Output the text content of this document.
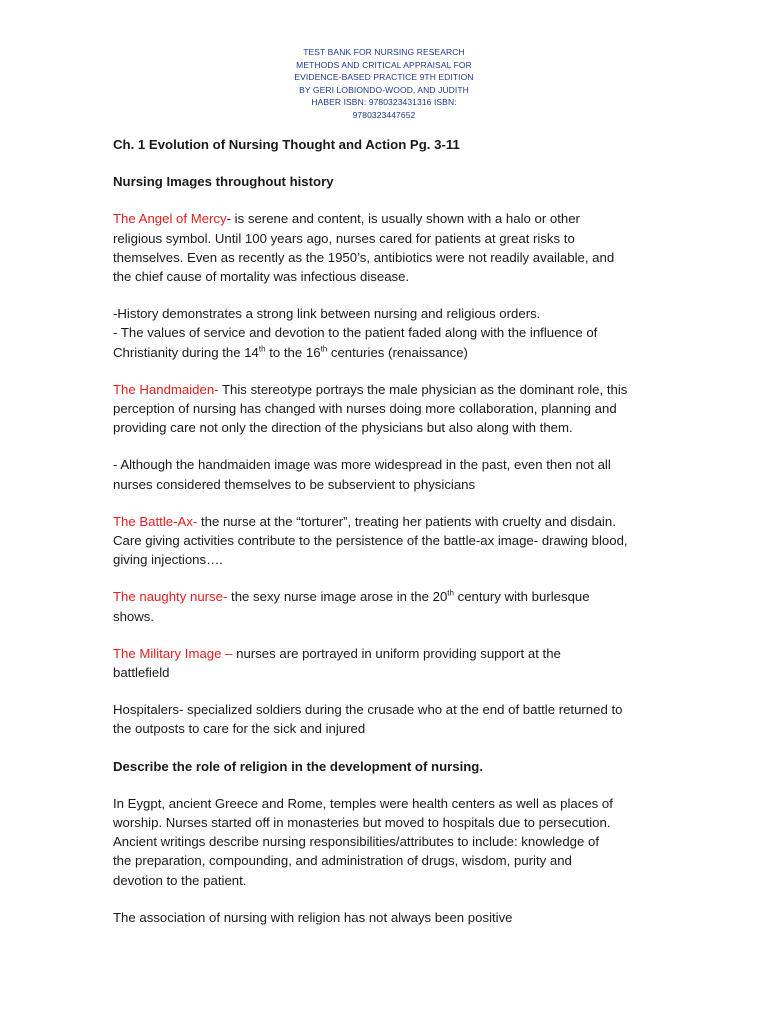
TEST BANK FOR NURSING RESEARCH
METHODS AND CRITICAL APPRAISAL FOR
EVIDENCE-BASED PRACTICE 9TH EDITION
BY GERI LOBIONDO-WOOD, AND JUDITH
HABER ISBN: 9780323431316 ISBN:
9780323447652

Ch. 1 Evolution of Nursing Thought and Action Pg. 3-11

Nursing Images throughout history

The Angel of Mercy- is serene and content, is usually shown with a halo or other

religious symbol. Until 100 years ago, nurses cared for patients at great risks to

themselves. Even as recently as the 1950’s, antibiotics were not readily available, and

the chief cause of mortality was infectious disease.

-History demonstrates a strong link between nursing and religious orders.

- The values of service and devotion to the patient faded along with the influence of

Christianity during the 14th to the 16th centuries (renaissance)

The Handmaiden- This stereotype portrays the male physician as the dominant role, this

perception of nursing has changed with nurses doing more collaboration, planning and

providing care not only the direction of the physicians but also along with them.

- Although the handmaiden image was more widespread in the past, even then not all

nurses considered themselves to be subservient to physicians

The Battle-Ax- the nurse at the “torturer”, treating her patients with cruelty and disdain.

Care giving activities contribute to the persistence of the battle-ax image- drawing blood,

giving injections….

The naughty nurse- the sexy nurse image arose in the 20th century with burlesque

shows.

The Military Image – nurses are portrayed in uniform providing support at the

battlefield

Hospitalers- specialized soldiers during the crusade who at the end of battle returned to

the outposts to care for the sick and injured

Describe the role of religion in the development of nursing.

In Eygpt, ancient Greece and Rome, temples were health centers as well as places of

worship. Nurses started off in monasteries but moved to hospitals due to persecution.

Ancient writings describe nursing responsibilities/attributes to include: knowledge of

the preparation, compounding, and administration of drugs, wisdom, purity and

devotion to the patient.

The association of nursing with religion has not always been positive
